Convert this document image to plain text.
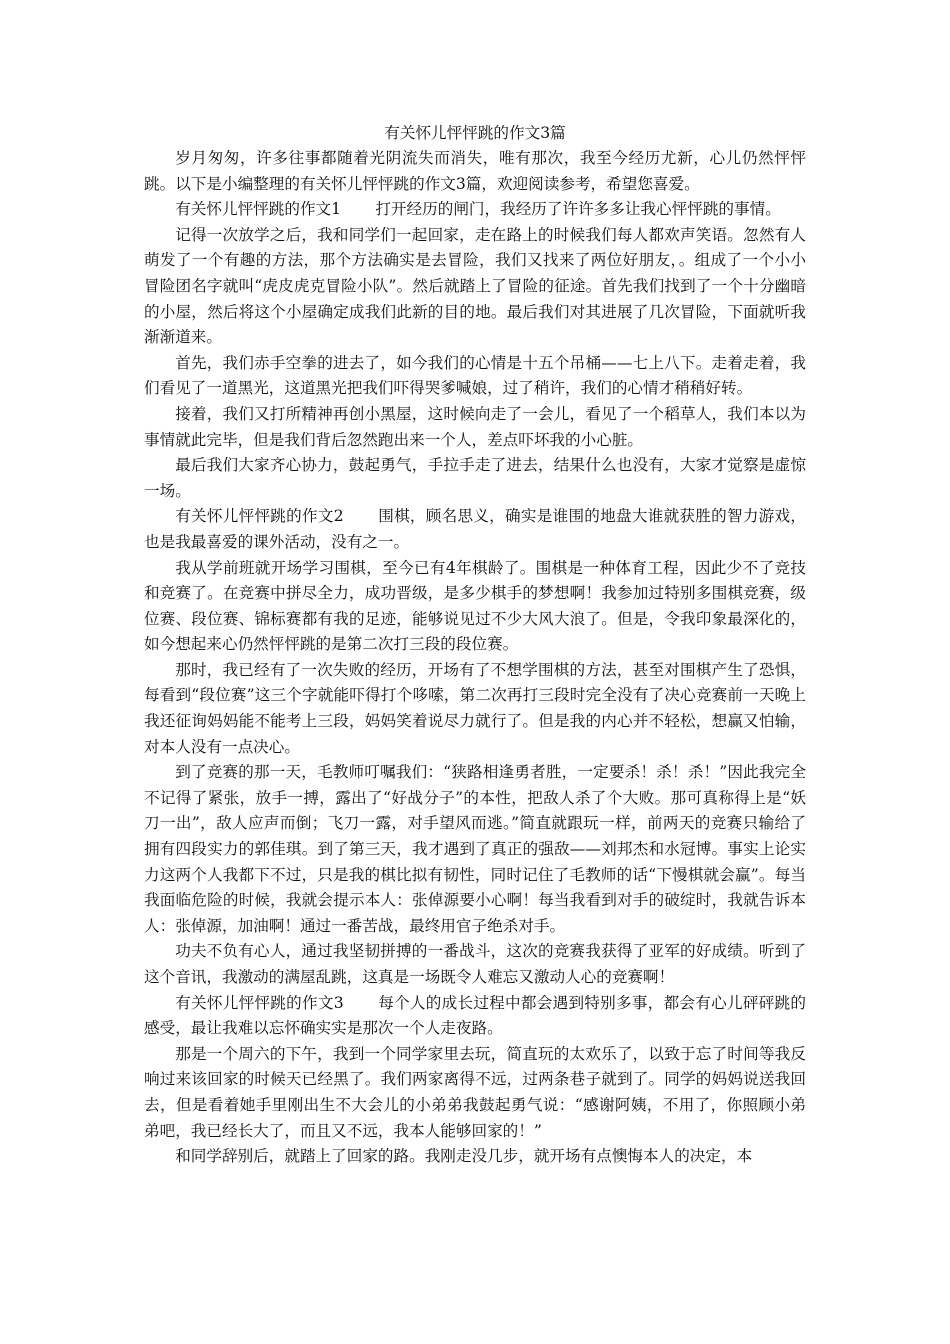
有关怀儿怦怦跳的作文3篇

岁月匆匆，许多往事都随着光阴流失而消失，唯有那次，我至今经历尤新，心儿仍然怦怦跳。以下是小编整理的有关怀儿怦怦跳的作文3篇，欢迎阅读参考，希望您喜爱。

有关怀儿怦怦跳的作文1 打开经历的闸门，我经历了许许多多让我心怦怦跳的事情。

记得一次放学之后，我和同学们一起回家，走在路上的时候我们每人都欢声笑语。忽然有人萌发了一个有趣的方法，那个方法确实是去冒险，我们又找来了两位好朋友，。组成了一个小小冒险团名字就叫“虎皮虎克冒险小队”。然后就踏上了冒险的征途。首先我们找到了一个十分幽暗的小屋，然后将这个小屋确定成我们此新的目的地。最后我们对其进展了几次冒险，下面就听我渐渐道来。

首先，我们赤手空拳的进去了，如今我们的心情是十五个吊桶——七上八下。走着走着，我们看见了一道黑光，这道黑光把我们吓得哭爹喊娘，过了稍许，我们的心情才稍稍好转。

接着，我们又打所精神再创小黑屋，这时候向走了一会儿，看见了一个稻草人，我们本以为事情就此完毕，但是我们背后忽然跑出来一个人，差点吓坏我的小心脏。

最后我们大家齐心协力，鼓起勇气，手拉手走了进去，结果什么也没有，大家才觉察是虚惊一场。

有关怀儿怦怦跳的作文2 围棋，顾名思义，确实是谁围的地盘大谁就获胜的智力游戏，也是我最喜爱的课外活动，没有之一。

我从学前班就开场学习围棋，至今已有4年棋龄了。围棋是一种体育工程，因此少不了竞技和竞赛了。在竞赛中拼尽全力，成功晋级，是多少棋手的梦想啊！我参加过特别多围棋竞赛，级位赛、段位赛、锦标赛都有我的足迹，能够说见过不少大风大浪了。但是，令我印象最深化的，如今想起来心仍然怦怦跳的是第二次打三段的段位赛。

那时，我已经有了一次失败的经历，开场有了不想学围棋的方法，甚至对围棋产生了恐惧，每看到“段位赛”这三个字就能吓得打个哆嗦，第二次再打三段时完全没有了决心竞赛前一天晚上我还征询妈妈能不能考上三段，妈妈笑着说尽力就行了。但是我的内心并不轻松，想赢又怕输，对本人没有一点决心。

到了竞赛的那一天，毛教师叮嘱我们：“狭路相逢勇者胜，一定要杀！杀！杀！”因此我完全不记得了紧张，放手一搏，露出了“好战分子”的本性，把敌人杀了个大败。那可真称得上是“妖刀一出”，敌人应声而倒；飞刀一露，对手望风而逃。”简直就跟玩一样，前两天的竞赛只输给了拥有四段实力的郭佳琪。到了第三天，我才遇到了真正的强敌——刘邦杰和水冠博。事实上论实力这两个人我都下不过，只是我的棋比拟有韧性，同时记住了毛教师的话“下慢棋就会赢”。每当我面临危险的时候，我就会提示本人：张倬源要小心啊！每当我看到对手的破绽时，我就告诉本人：张倬源，加油啊！通过一番苦战，最终用官子绝杀对手。

功夫不负有心人，通过我坚韧拼搏的一番战斗，这次的竞赛我获得了亚军的好成绩。听到了这个音讯，我激动的满屋乱跳，这真是一场既令人难忘又激动人心的竞赛啊！

有关怀儿怦怦跳的作文3 每个人的成长过程中都会遇到特别多事，都会有心儿砰砰跳的感受，最让我难以忘怀确实实是那次一个人走夜路。

那是一个周六的下午，我到一个同学家里去玩，简直玩的太欢乐了，以致于忘了时间等我反响过来该回家的时候天已经黑了。我们两家离得不远，过两条巷子就到了。同学的妈妈说送我回去，但是看着她手里刚出生不大会儿的小弟弟我鼓起勇气说：“感谢阿姨，不用了，你照顾小弟弟吧，我已经长大了，而且又不远，我本人能够回家的！”

和同学辞别后，就踏上了回家的路。我刚走没几步，就开场有点懊悔本人的决定，本
